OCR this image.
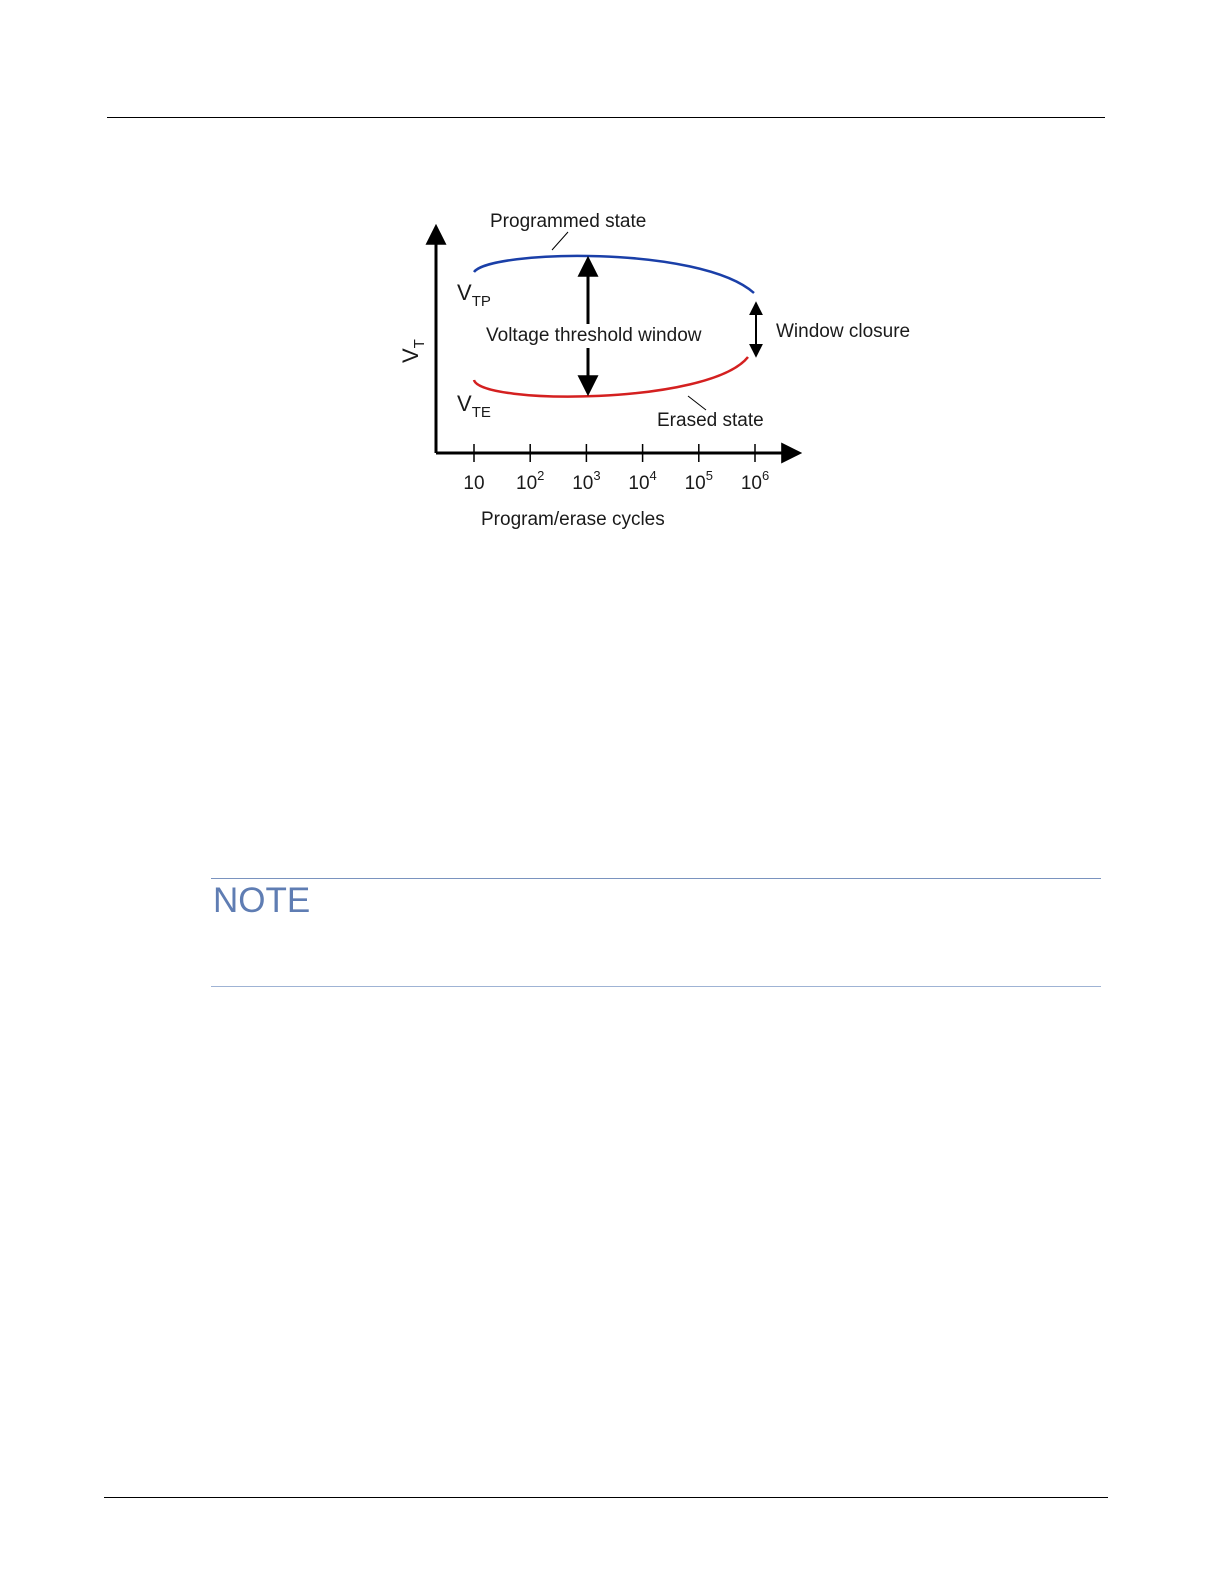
10 $10^2$ $10^3$ $10^4$ $10^5$ $10^6$
Programmed state
Voltage threshold window	Window closure
Erased state
$V_{TP}$
$V_{TE}$
$V_T$
Program/erase cycles
NOTE
